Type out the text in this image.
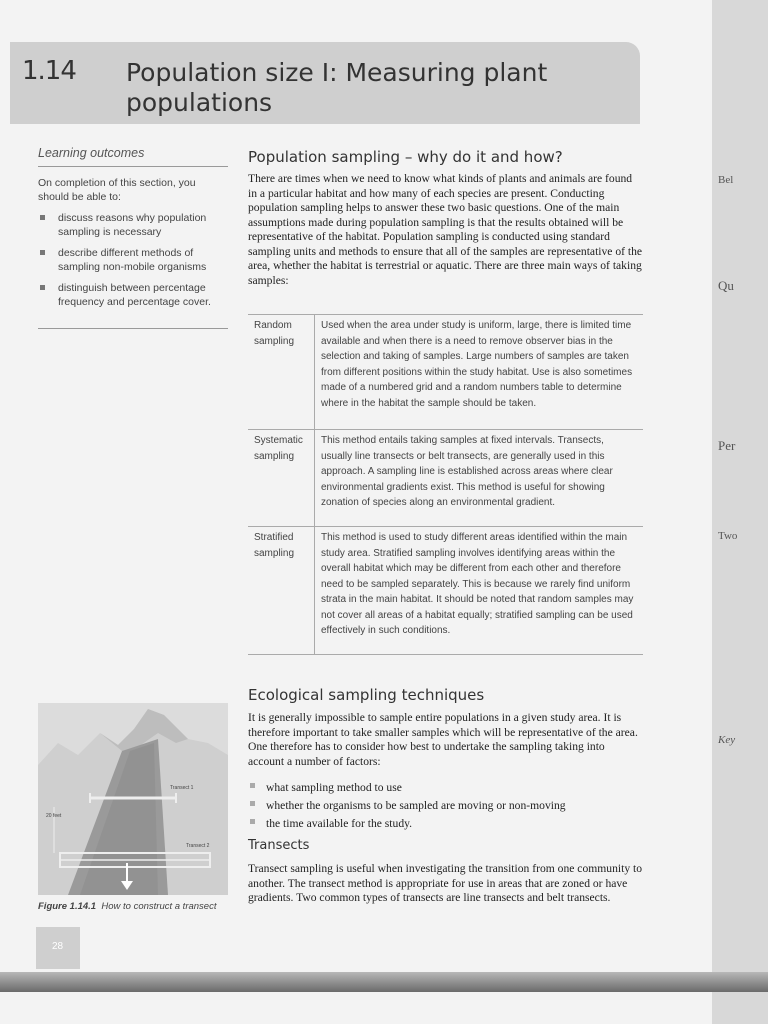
1.14 Population size I: Measuring plant populations
Learning outcomes
On completion of this section, you should be able to:
discuss reasons why population sampling is necessary
describe different methods of sampling non-mobile organisms
distinguish between percentage frequency and percentage cover.
Population sampling – why do it and how?
There are times when we need to know what kinds of plants and animals are found in a particular habitat and how many of each species are present. Conducting population sampling helps to answer these two basic questions. One of the main assumptions made during population sampling is that the results obtained will be representative of the habitat. Population sampling is conducted using standard sampling units and methods to ensure that all of the samples are representative of the area, whether the habitat is terrestrial or aquatic. There are three main ways of taking samples:
Random sampling	Used when the area under study is uniform, large, there is limited time available and when there is a need to remove observer bias in the selection and taking of samples. Large numbers of samples are taken from different positions within the study habitat. Use is also sometimes made of a numbered grid and a random numbers table to determine where in the habitat the sample should be taken.
Systematic sampling	This method entails taking samples at fixed intervals. Transects, usually line transects or belt transects, are generally used in this approach. A sampling line is established across areas where clear environmental gradients exist. This method is useful for showing zonation of species along an environmental gradient.
Stratified sampling	This method is used to study different areas identified within the main study area. Stratified sampling involves identifying areas within the overall habitat which may be different from each other and therefore need to be sampled separately. This is because we rarely find uniform strata in the main habitat. It should be noted that random samples may not cover all areas of a habitat equally; stratified sampling can be used effectively in such conditions.
Ecological sampling techniques
It is generally impossible to sample entire populations in a given study area. It is therefore important to take smaller samples which will be representative of the area. One therefore has to consider how best to undertake the sampling taking into account a number of factors:
what sampling method to use
whether the organisms to be sampled are moving or non-moving
the time available for the study.
Transects
Transect sampling is useful when investigating the transition from one community to another. The transect method is appropriate for use in areas that are zoned or have gradients. Two common types of transects are line transects and belt transects.
Transect 1
Transect 2
20 feet
Figure 1.14.1 How to construct a transect
28
Bel
Qu
Per
Two
Key
